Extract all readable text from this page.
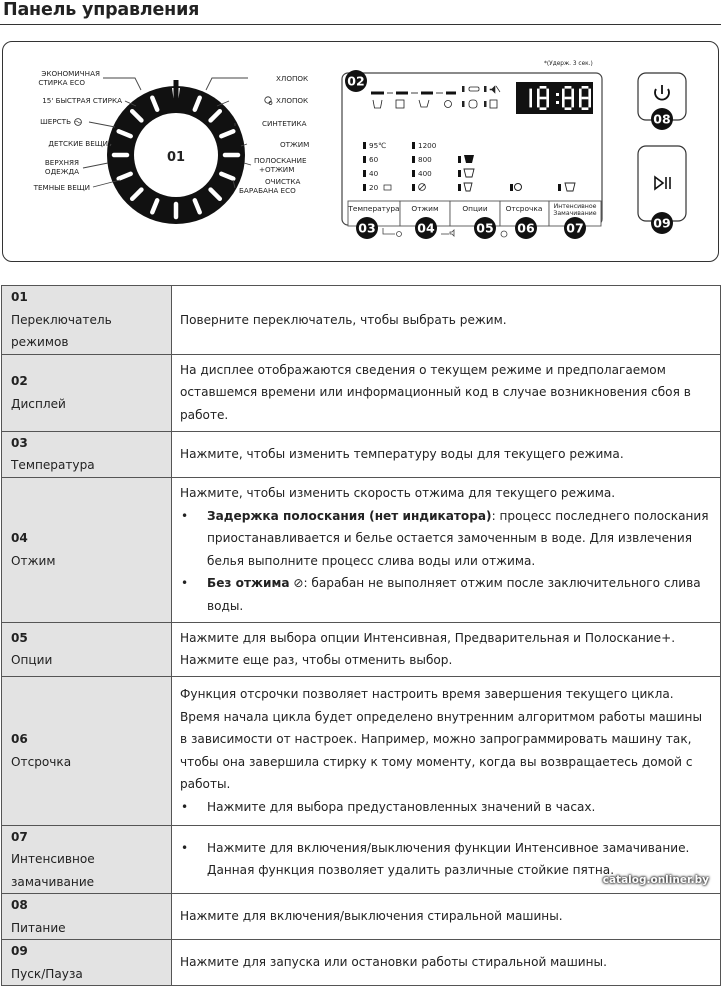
Панель управления
01
ЭКОНОМИЧНАЯ
СТИРКА ECO
15' БЫСТРАЯ СТИРКА
ШЕРСТЬ
ДЕТСКИЕ ВЕЩИ
ВЕРХНЯЯ
ОДЕЖДА
ТЕМНЫЕ ВЕЩИ
ХЛОПОК
ХЛОПОК
СИНТЕТИКА
ОТЖИМ
ПОЛОСКАНИЕ
+ОТЖИМ
ОЧИСТКА
БАРАБАНА ECO
02
*(Удерж. 3 сек.)
95℃
60
40
20
1200
800
400
Температура Отжим	Опции Отсрочка Интенсивное
Замачивание
03	04	05 06	07
08
09
01Переключатель режимов	Поверните переключатель, чтобы выбрать режим.
02Дисплей	На дисплее отображаются сведения о текущем режиме и предполагаемом оставшемся времени или информационный код в случае возникновения сбоя в работе.
03Температура	Нажмите, чтобы изменить температуру воды для текущего режима.
04Отжим	Нажмите, чтобы изменить скорость отжима для текущего режима.
• Задержка полоскания (нет индикатора): процесс последнего полоскания приостанавливается и белье остается замоченным в воде. Для извлечения белья выполните процесс слива воды или отжима.
• Без отжима ⊘: барабан не выполняет отжим после заключительного слива воды.

05Опции	Нажмите для выбора опции Интенсивная, Предварительная и Полоскание+. Нажмите еще раз, чтобы отменить выбор.
06Отсрочка	Функция отсрочки позволяет настроить время завершения текущего цикла. Время начала цикла будет определено внутренним алгоритмом работы машины в зависимости от настроек. Например, можно запрограммировать машину так, чтобы она завершила стирку к тому моменту, когда вы возвращаетесь домой с работы.
• Нажмите для выбора предустановленных значений в часах.

07Интенсивное замачивание	• Нажмите для включения/выключения функции Интенсивное замачивание. Данная функция позволяет удалить различные стойкие пятна.

08Питание	Нажмите для включения/выключения стиральной машины.
09Пуск/Пауза	Нажмите для запуска или остановки работы стиральной машины.
catalog.onliner.by
